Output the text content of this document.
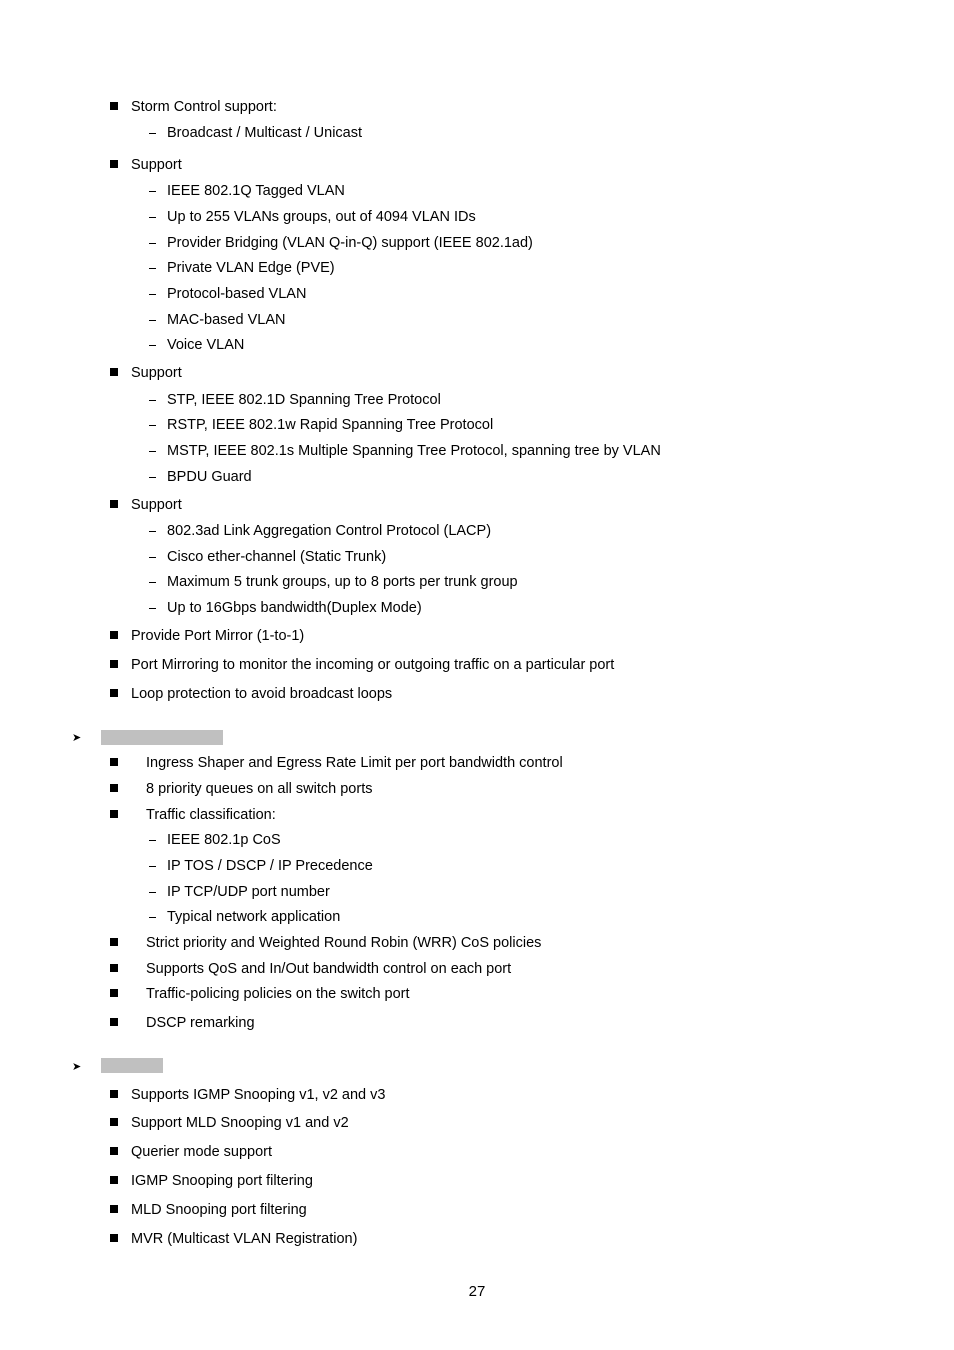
Storm Control support:
Broadcast / Multicast / Unicast
Support
IEEE 802.1Q Tagged VLAN
Up to 255 VLANs groups, out of 4094 VLAN IDs
Provider Bridging (VLAN Q-in-Q) support (IEEE 802.1ad)
Private VLAN Edge (PVE)
Protocol-based VLAN
MAC-based VLAN
Voice VLAN
Support
STP, IEEE 802.1D Spanning Tree Protocol
RSTP, IEEE 802.1w Rapid Spanning Tree Protocol
MSTP, IEEE 802.1s Multiple Spanning Tree Protocol, spanning tree by VLAN
BPDU Guard
Support
802.3ad Link Aggregation Control Protocol (LACP)
Cisco ether-channel (Static Trunk)
Maximum 5 trunk groups, up to 8 ports per trunk group
Up to 16Gbps bandwidth(Duplex Mode)
Provide Port Mirror (1-to-1)
Port Mirroring to monitor the incoming or outgoing traffic on a particular port
Loop protection to avoid broadcast loops
➤
Ingress Shaper and Egress Rate Limit per port bandwidth control
8 priority queues on all switch ports
Traffic classification:
IEEE 802.1p CoS
IP TOS / DSCP / IP Precedence
IP TCP/UDP port number
Typical network application
Strict priority and Weighted Round Robin (WRR) CoS policies
Supports QoS and In/Out bandwidth control on each port
Traffic-policing policies on the switch port
DSCP remarking
➤
Supports IGMP Snooping v1, v2 and v3
Support MLD Snooping v1 and v2
Querier mode support
IGMP Snooping port filtering
MLD Snooping port filtering
MVR (Multicast VLAN Registration)
27
